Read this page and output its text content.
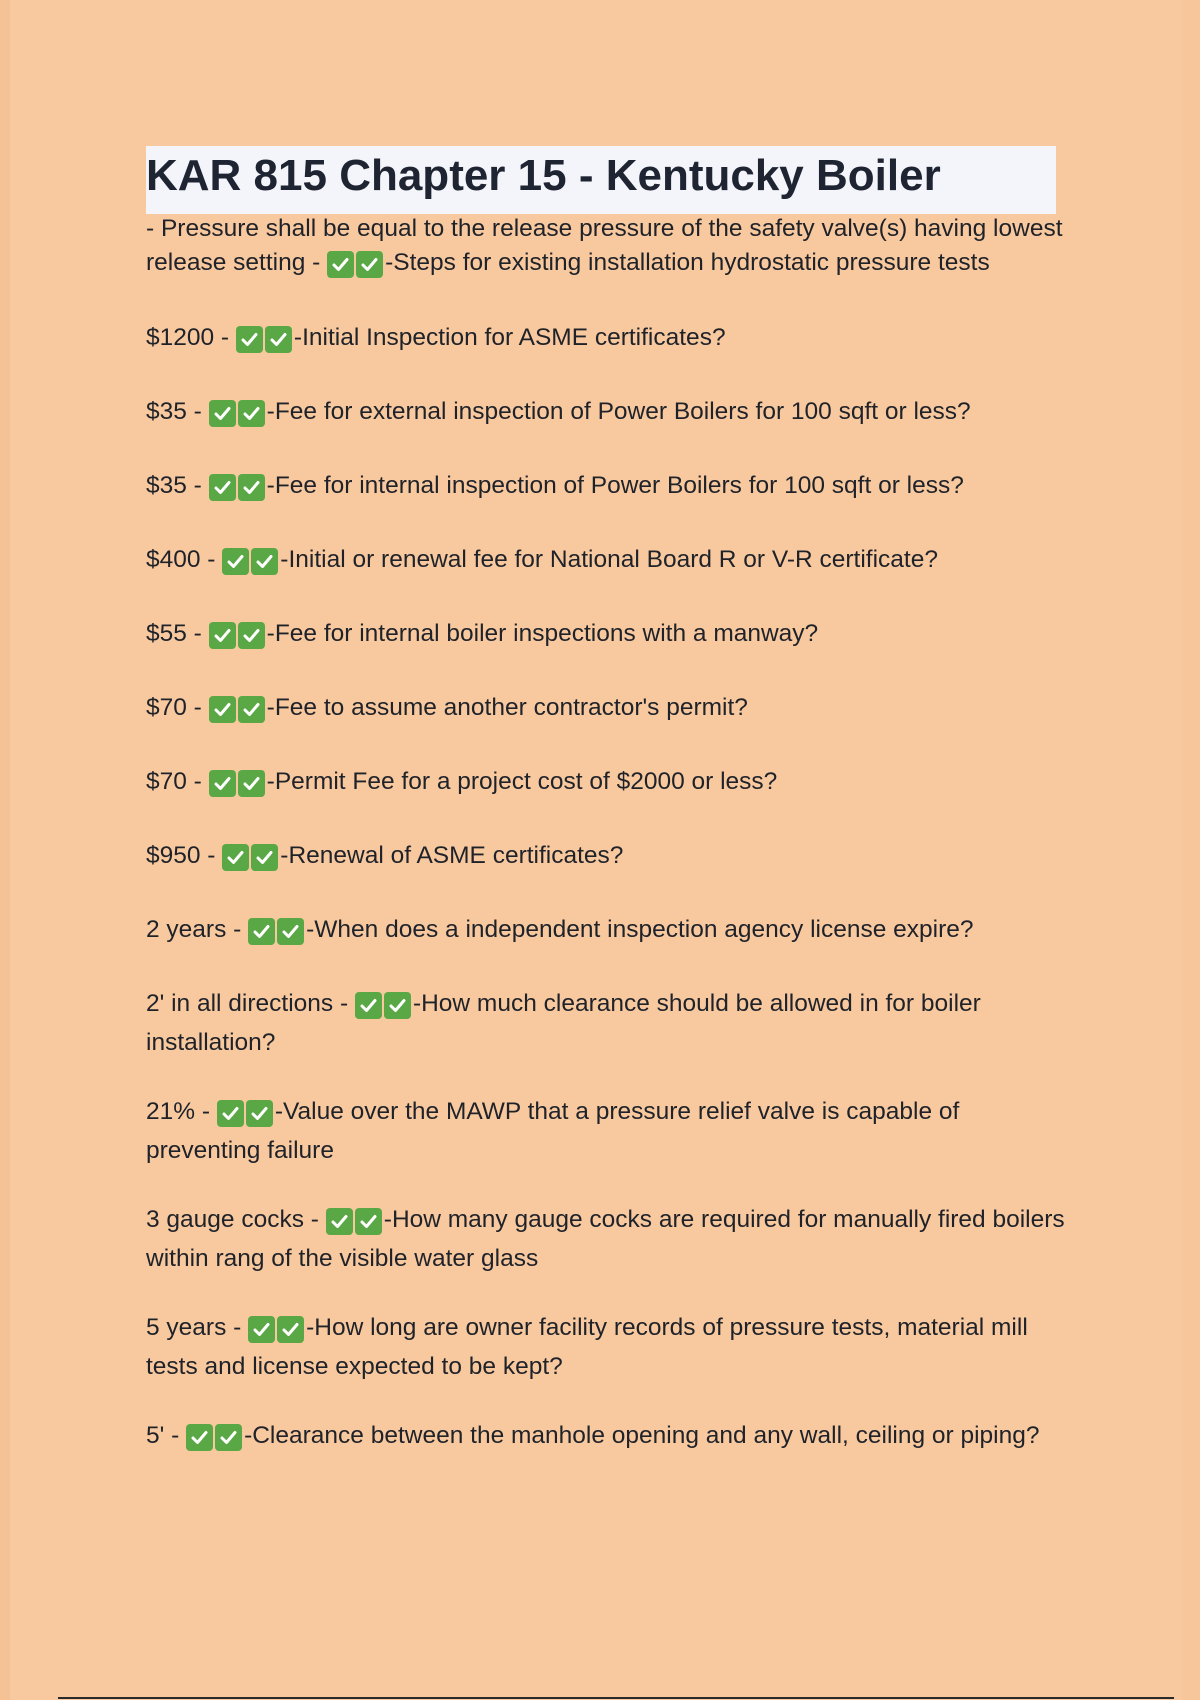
KAR 815 Chapter 15 - Kentucky Boiler

- Pressure shall be equal to the release pressure of the safety valve(s) having lowest release setting -
-Steps for existing installation hydrostatic pressure tests

$1200 -
-Initial Inspection for ASME certificates?

$35 -
-Fee for external inspection of Power Boilers for 100 sqft or less?

$35 -
-Fee for internal inspection of Power Boilers for 100 sqft or less?

$400 -
-Initial or renewal fee for National Board R or V-R certificate?

$55 -
-Fee for internal boiler inspections with a manway?

$70 -
-Fee to assume another contractor's permit?

$70 -
-Permit Fee for a project cost of $2000 or less?

$950 -
-Renewal of ASME certificates?

2 years -
-When does a independent inspection agency license expire?

2' in all directions -
-How much clearance should be allowed in for boiler installation?

21% -
-Value over the MAWP that a pressure relief valve is capable of preventing failure

3 gauge cocks -
-How many gauge cocks are required for manually fired boilers within rang of the visible water glass

5 years -
-How long are owner facility records of pressure tests, material mill tests and license expected to be kept?

5' -
-Clearance between the manhole opening and any wall, ceiling or piping?
